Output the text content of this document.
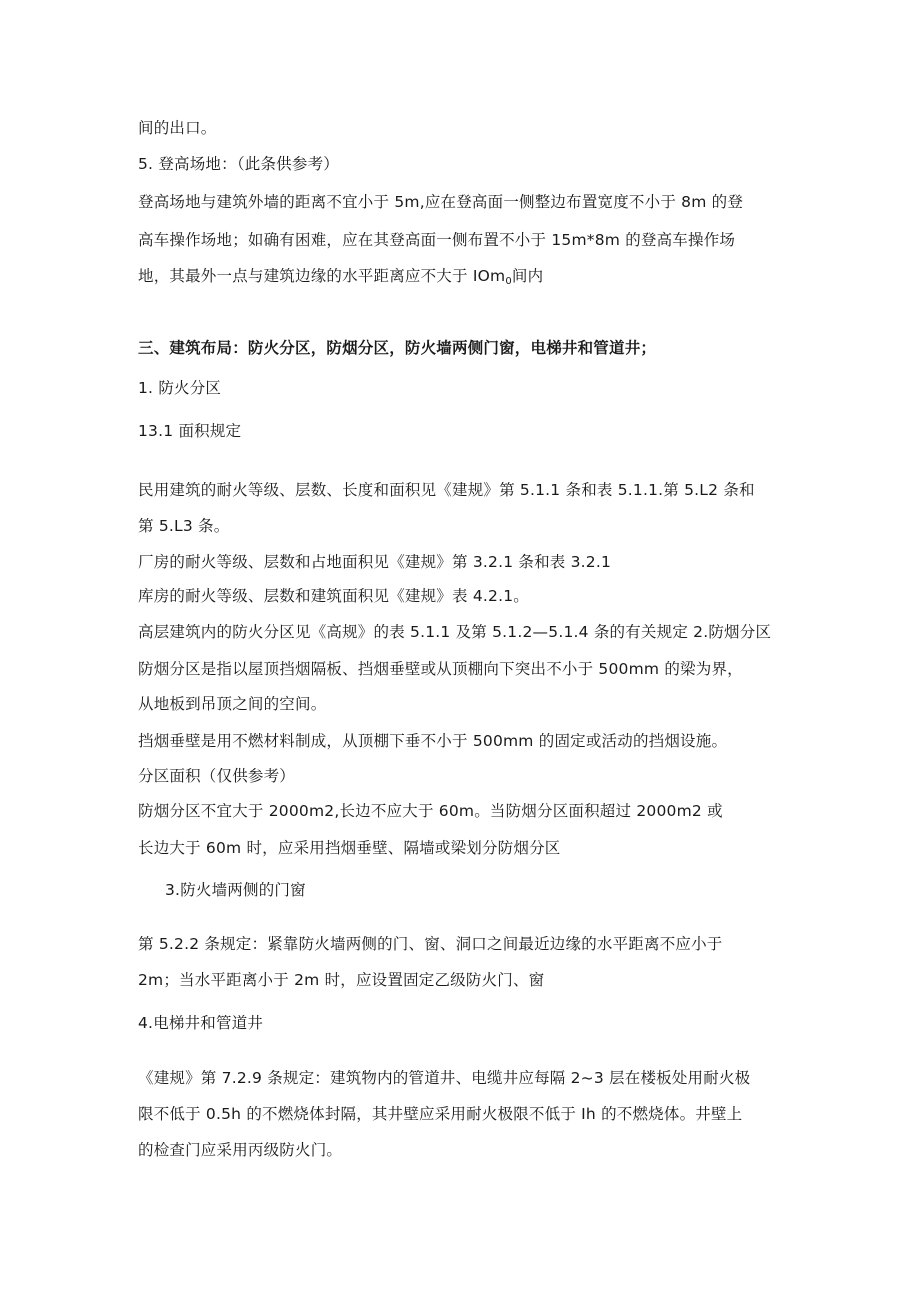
间的出口。
5. 登高场地：（此条供参考）
登高场地与建筑外墙的距离不宜小于 5m,应在登高面一侧整边布置宽度不小于 8m 的登
高车操作场地；如确有困难，应在其登高面一侧布置不小于 15m*8m 的登高车操作场
地，其最外一点与建筑边缘的水平距离应不大于 IOm$_0$间内
三、建筑布局：防火分区，防烟分区，防火墙两侧门窗，电梯井和管道井；
1. 防火分区
13.1 面积规定
民用建筑的耐火等级、层数、长度和面积见《建规》第 5.1.1 条和表 5.1.1.第 5.L2 条和
第 5.L3 条。
厂房的耐火等级、层数和占地面积见《建规》第 3.2.1 条和表 3.2.1
库房的耐火等级、层数和建筑面积见《建规》表 4.2.1。
高层建筑内的防火分区见《高规》的表 5.1.1 及第 5.1.2—5.1.4 条的有关规定 2.防烟分区
防烟分区是指以屋顶挡烟隔板、挡烟垂壁或从顶棚向下突出不小于 500mm 的梁为界，
从地板到吊顶之间的空间。
挡烟垂壁是用不燃材料制成，从顶棚下垂不小于 500mm 的固定或活动的挡烟设施。
分区面积（仅供参考）
防烟分区不宜大于 2000m2,长边不应大于 60m。当防烟分区面积超过 2000m2 或
长边大于 60m 时，应采用挡烟垂壁、隔墙或梁划分防烟分区
3.防火墙两侧的门窗
第 5.2.2 条规定：紧靠防火墙两侧的门、窗、洞口之间最近边缘的水平距离不应小于
2m；当水平距离小于 2m 时，应设置固定乙级防火门、窗
4.电梯井和管道井
《建规》第 7.2.9 条规定：建筑物内的管道井、电缆井应每隔 2~3 层在楼板处用耐火极
限不低于 0.5h 的不燃烧体封隔，其井壁应采用耐火极限不低于 Ih 的不燃烧体。井壁上
的检查门应采用丙级防火门。
